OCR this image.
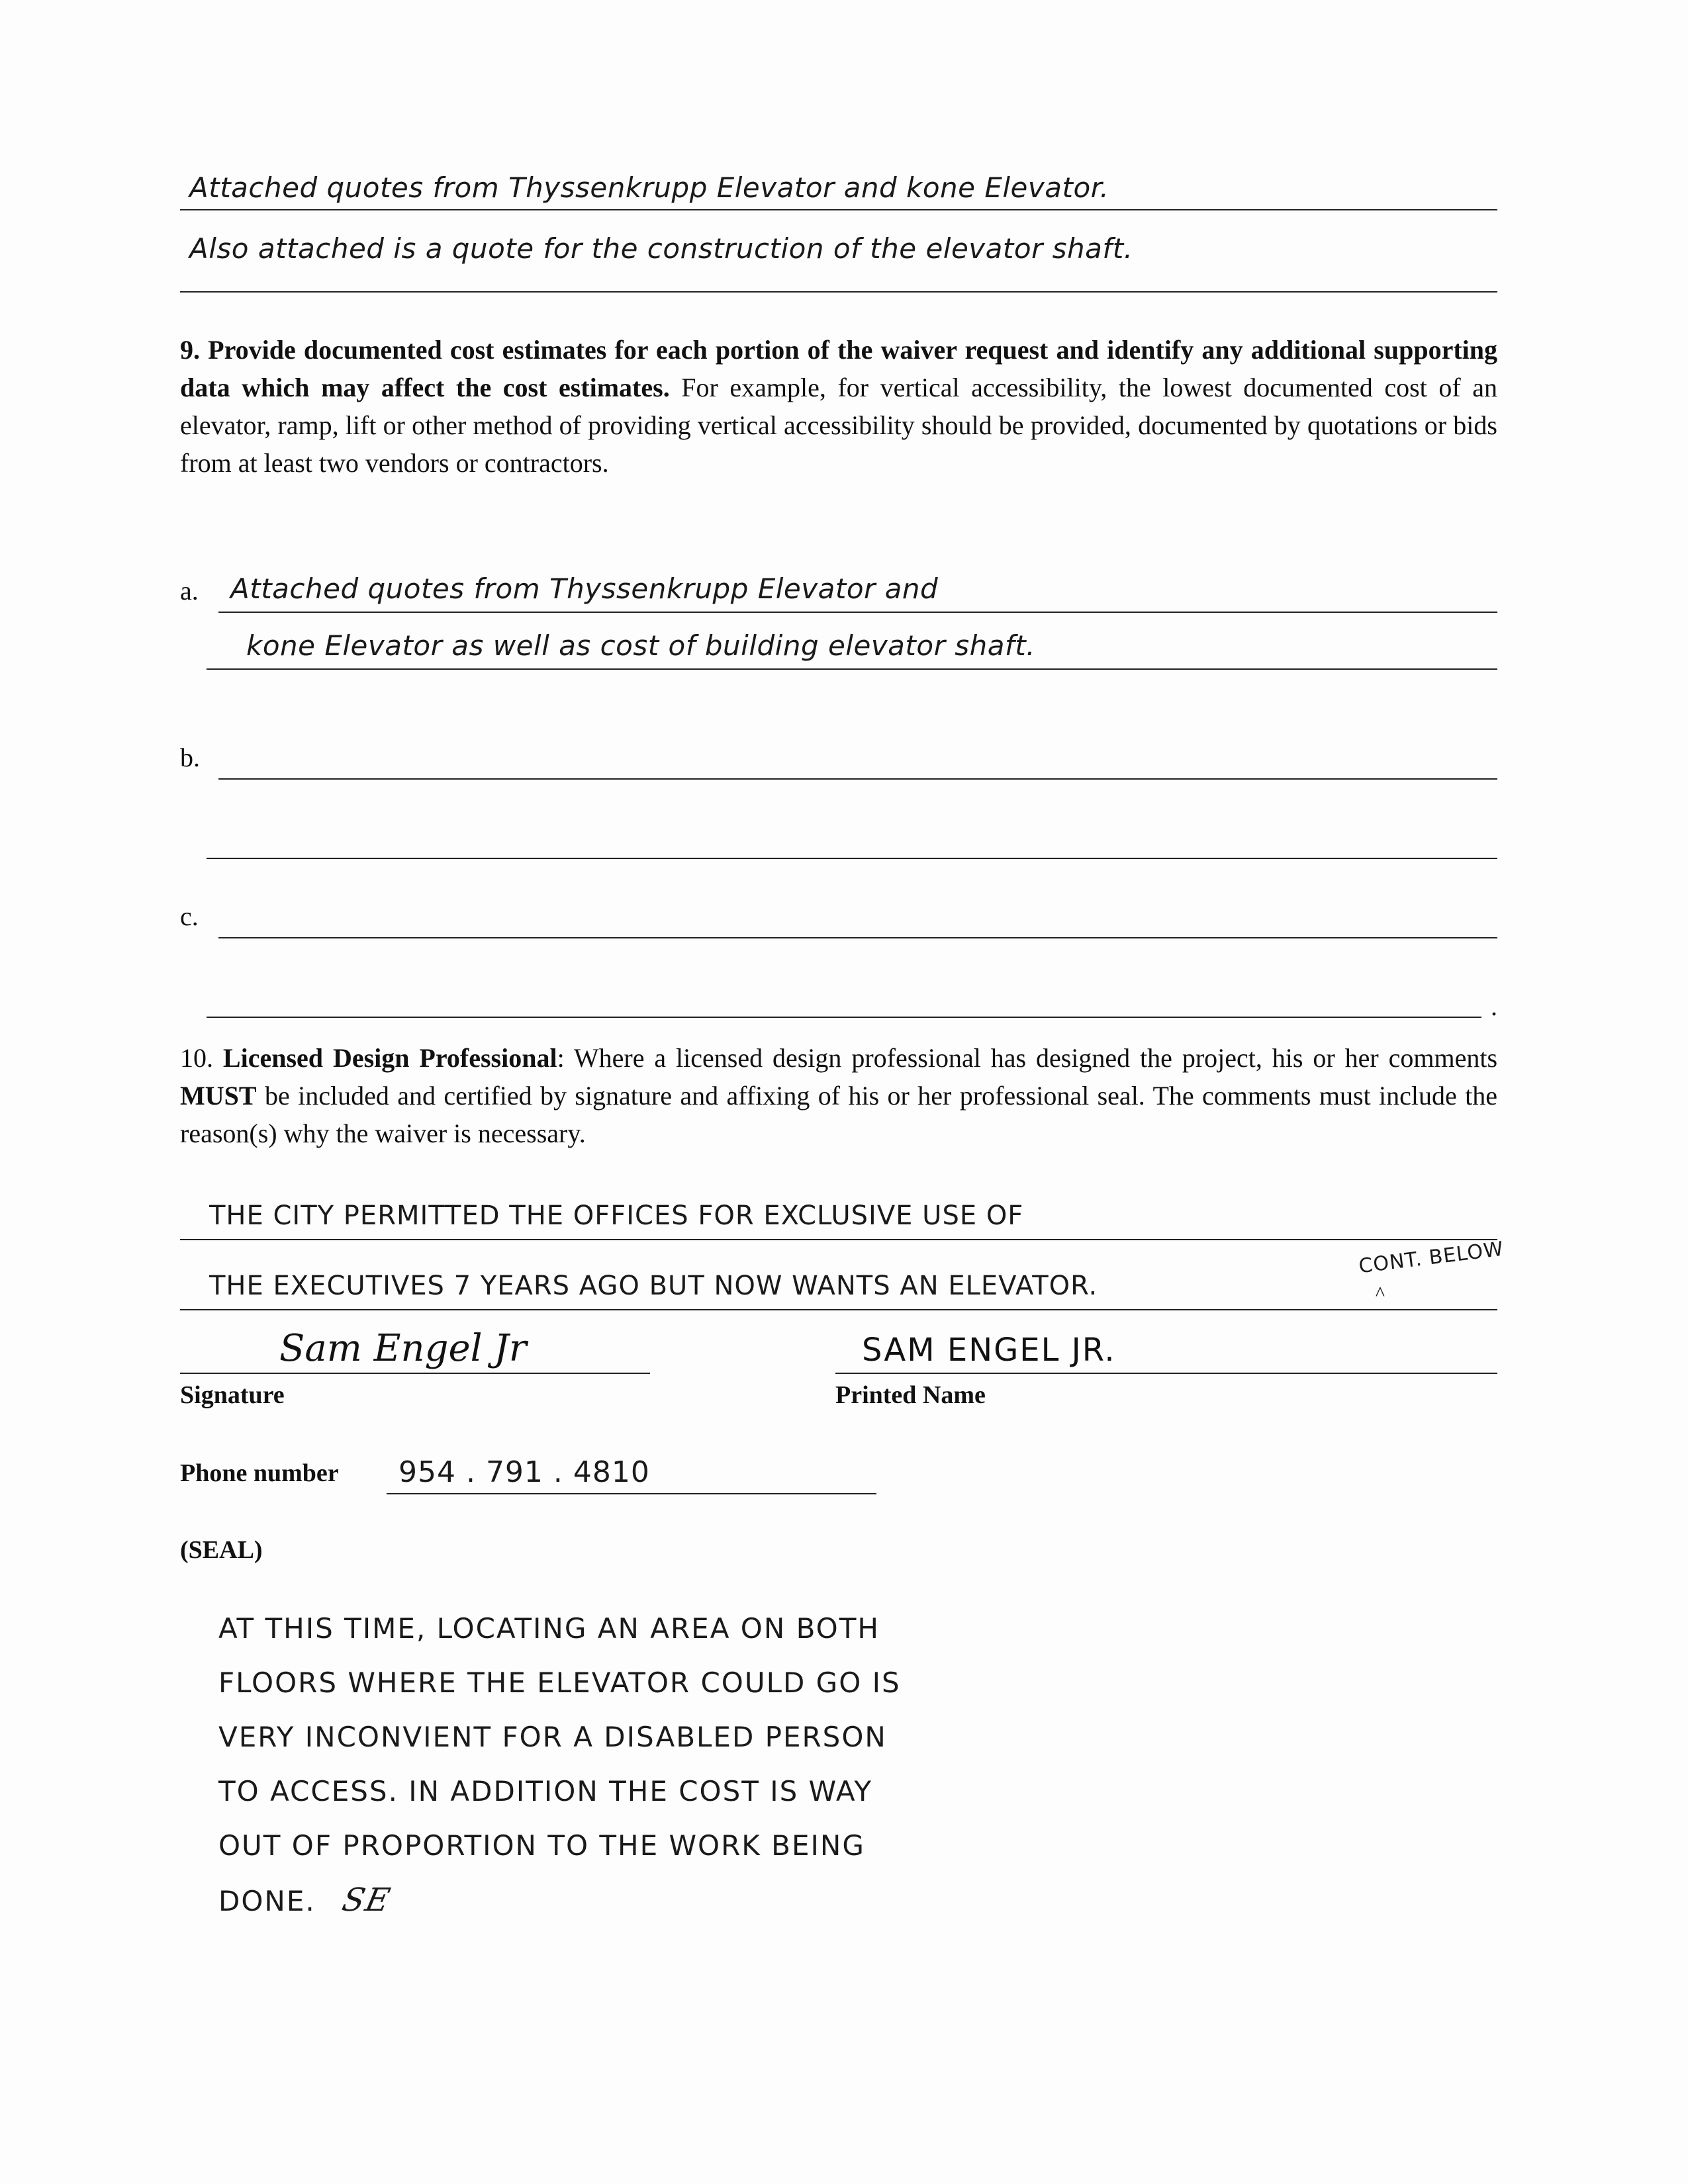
Attached quotes from Thyssenkrupp Elevator and kone Elevator.
Also attached is a quote for the construction of the elevator shaft.
9. Provide documented cost estimates for each portion of the waiver request and identify any additional supporting data which may affect the cost estimates. For example, for vertical accessibility, the lowest documented cost of an elevator, ramp, lift or other method of providing vertical accessibility should be provided, documented by quotations or bids from at least two vendors or contractors.
a. Attached quotes from Thyssenkrupp Elevator and
kone Elevator as well as cost of building elevator shaft.
b.
c.
.
10. Licensed Design Professional: Where a licensed design professional has designed the project, his or her comments MUST be included and certified by signature and affixing of his or her professional seal. The comments must include the reason(s) why the waiver is necessary.
THE CITY PERMITTED THE OFFICES FOR EXCLUSIVE USE OF
THE EXECUTIVES 7 YEARS AGO BUT NOW WANTS AN ELEVATOR.
CONT. BELOW
^
Sam Engel Jr	SAM ENGEL JR.
Signature	Printed Name
Phone number 954 . 791 . 4810
(SEAL)
AT THIS TIME, LOCATING AN AREA ON BOTH
FLOORS WHERE THE ELEVATOR COULD GO IS
VERY INCONVIENT FOR A DISABLED PERSON
TO ACCESS. IN ADDITION THE COST IS WAY
OUT OF PROPORTION TO THE WORK BEING
DONE. SE
